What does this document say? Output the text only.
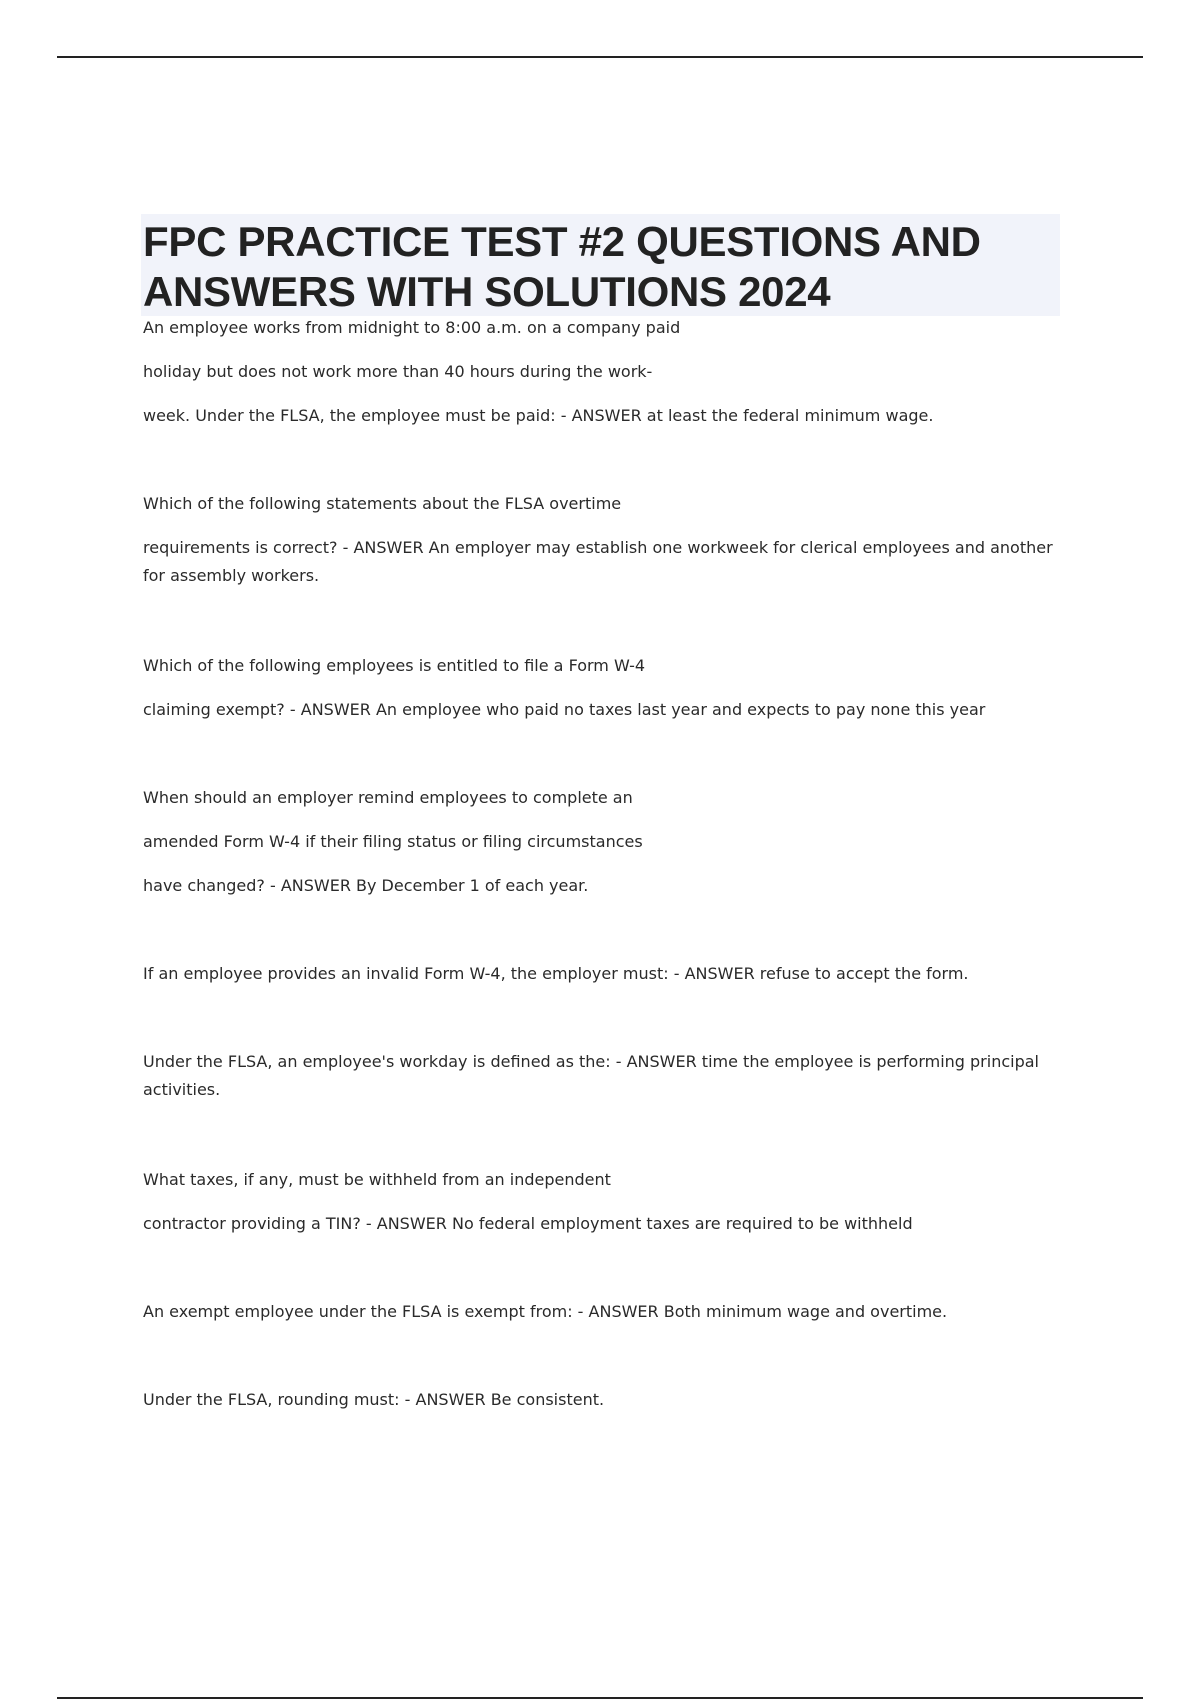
FPC PRACTICE TEST #2 QUESTIONS AND ANSWERS WITH SOLUTIONS 2024

An employee works from midnight to 8:00 a.m. on a company paid

holiday but does not work more than 40 hours during the work-

week. Under the FLSA, the employee must be paid: - ANSWER at least the federal minimum wage.

Which of the following statements about the FLSA overtime

requirements is correct? - ANSWER An employer may establish one workweek for clerical employees and another for assembly workers.

Which of the following employees is entitled to file a Form W-4

claiming exempt? - ANSWER An employee who paid no taxes last year and expects to pay none this year

When should an employer remind employees to complete an

amended Form W-4 if their filing status or filing circumstances

have changed? - ANSWER By December 1 of each year.

If an employee provides an invalid Form W-4, the employer must: - ANSWER refuse to accept the form.

Under the FLSA, an employee's workday is defined as the: - ANSWER time the employee is performing principal activities.

What taxes, if any, must be withheld from an independent

contractor providing a TIN? - ANSWER No federal employment taxes are required to be withheld

An exempt employee under the FLSA is exempt from: - ANSWER Both minimum wage and overtime.

Under the FLSA, rounding must: - ANSWER Be consistent.
